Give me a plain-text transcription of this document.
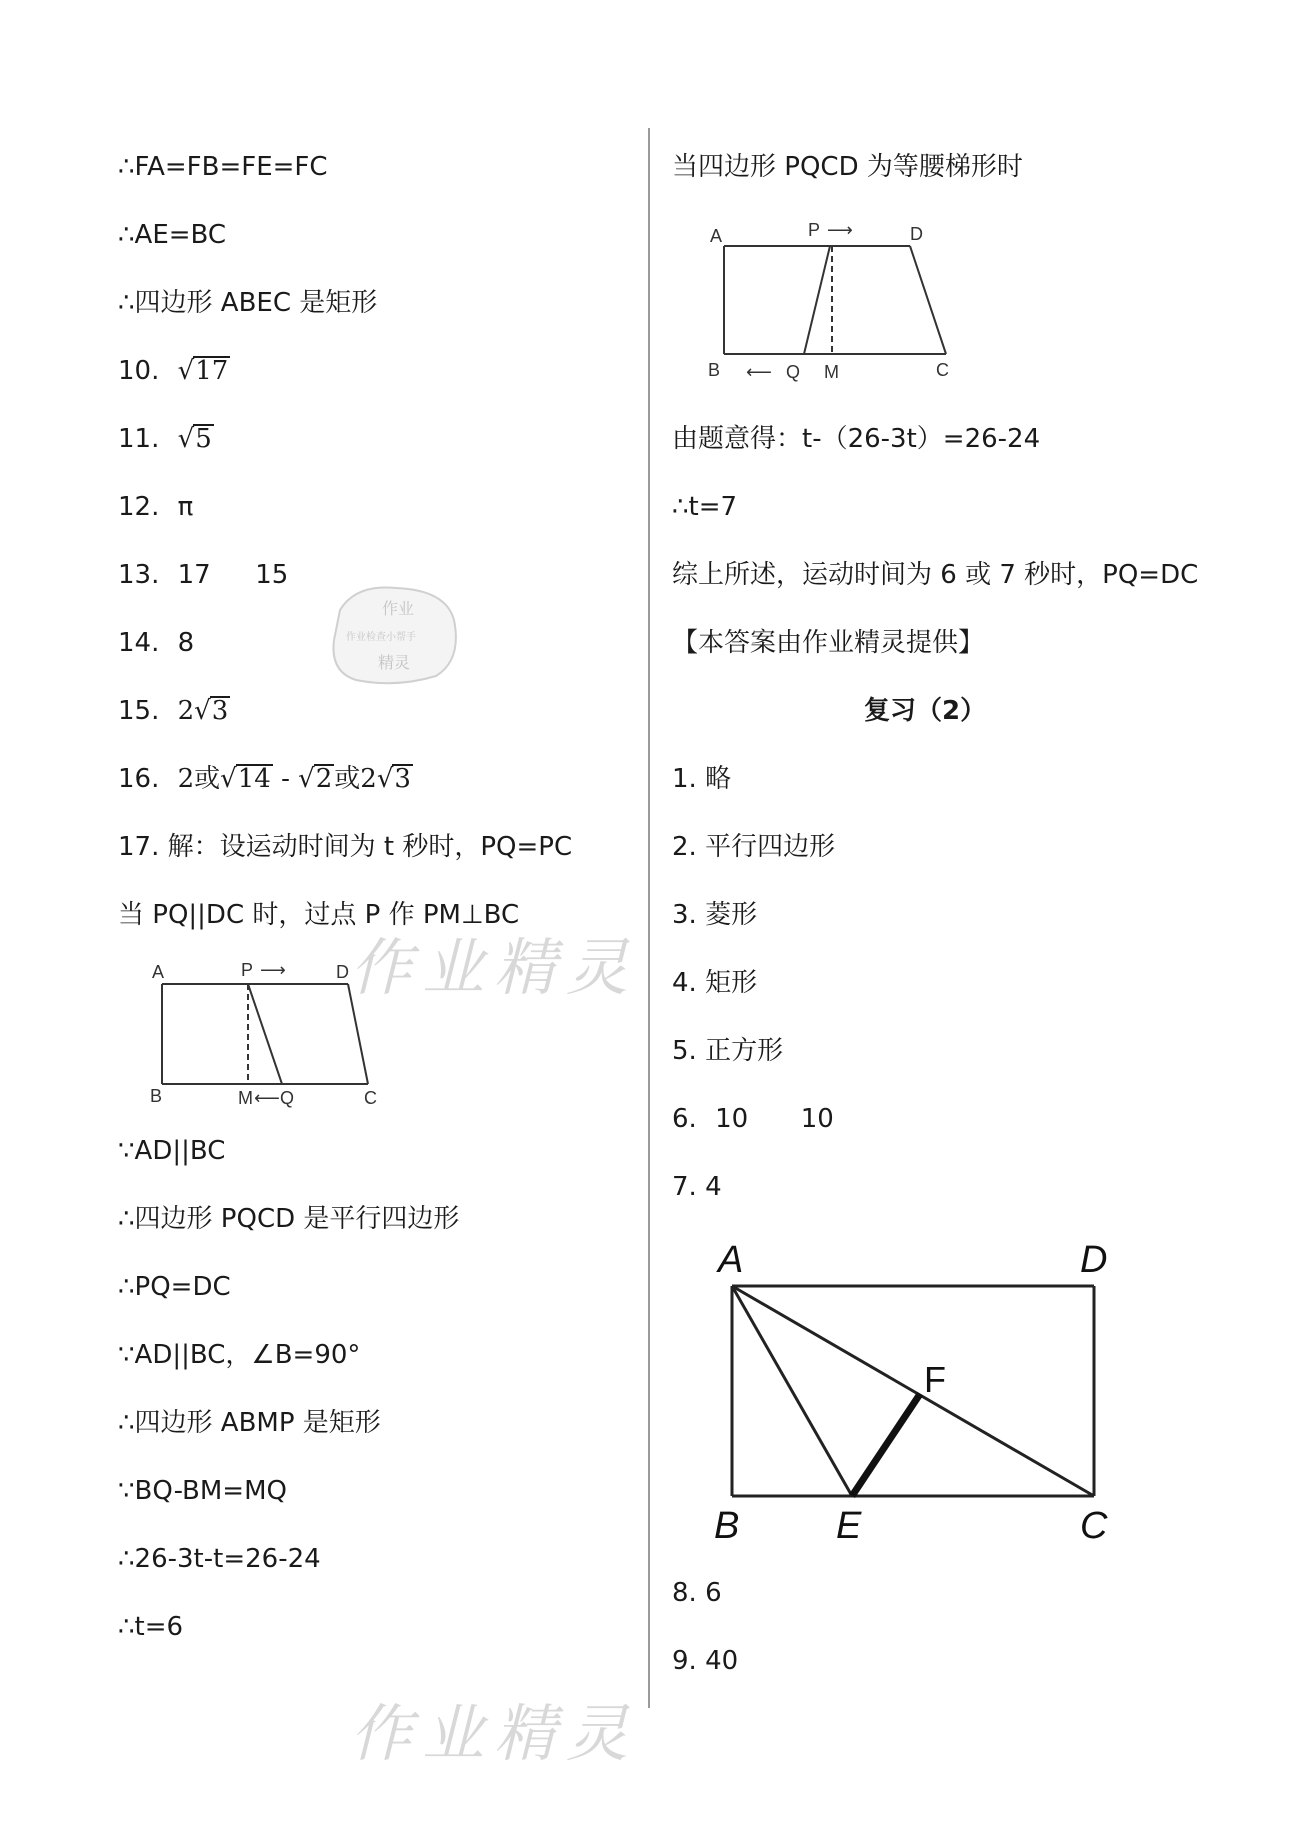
∴FA=FB=FE=FC
∴AE=BC
∴四边形 ABEC 是矩形
10. √17
11. √5
12. π
13. 17 15
14. 8
15. 2√3
16. 2或√14 - √2或2√3
17. 解：设运动时间为 t 秒时，PQ=PC
当 PQ||DC 时，过点 P 作 PM⊥BC
A	P ⟶	D
B	M ⟵ Q	C
∵AD||BC
∴四边形 PQCD 是平行四边形
∴PQ=DC
∵AD||BC，∠B=90°
∴四边形 ABMP 是矩形
∵BQ-BM=MQ
∴26-3t-t=26-24
∴t=6
当四边形 PQCD 为等腰梯形时
A	P ⟶	D
B ⟵ Q M	C
由题意得：t-（26-3t）=26-24
∴t=7
综上所述，运动时间为 6 或 7 秒时，PQ=DC
【本答案由作业精灵提供】
复习（2）
1. 略
2. 平行四边形
3. 菱形
4. 矩形
5. 正方形
6. 10 10
7. 4
A	D
B	E	C
F
8. 6
9. 40
作业精灵
作业精灵
作业
作业检查小帮手
精灵
